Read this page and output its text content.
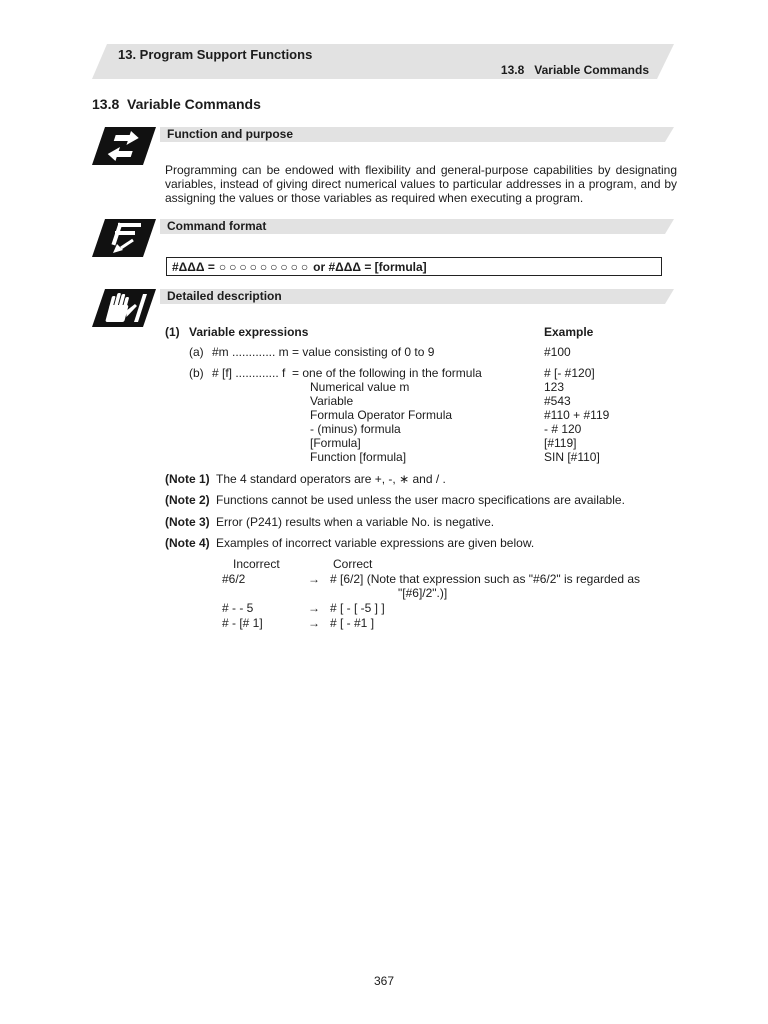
13. Program Support Functions
13.8   Variable Commands
13.8  Variable Commands
Function and purpose
Programming can be endowed with flexibility and general-purpose capabilities by designating variables, instead of giving direct numerical values to particular addresses in a program, and by assigning the values or those variables as required when executing a program.
Command format
#ΔΔΔ = ○○○○○○○○○ or #ΔΔΔ = [formula]
Detailed description
(1) Variable expressions	Example
(a) #m ............. m = value consisting of 0 to 9	#100
(b) # [f] ............. f  = one of the following in the formula	# [- #120]
Numerical value m	123
Variable	#543
Formula Operator Formula	#110 + #119
- (minus) formula	- # 120
[Formula]	[#119]
Function [formula]	SIN [#110]
(Note 1) The 4 standard operators are +, -, ∗ and / .
(Note 2) Functions cannot be used unless the user macro specifications are available.
(Note 3) Error (P241) results when a variable No. is negative.
(Note 4) Examples of incorrect variable expressions are given below.
Incorrect	Correct
#6/2	→ # [6/2] (Note that expression such as "#6/2" is regarded as
"[#6]/2".)]
# - - 5	→ # [ - [ -5 ] ]
# - [# 1]	→ # [ - #1 ]
367
